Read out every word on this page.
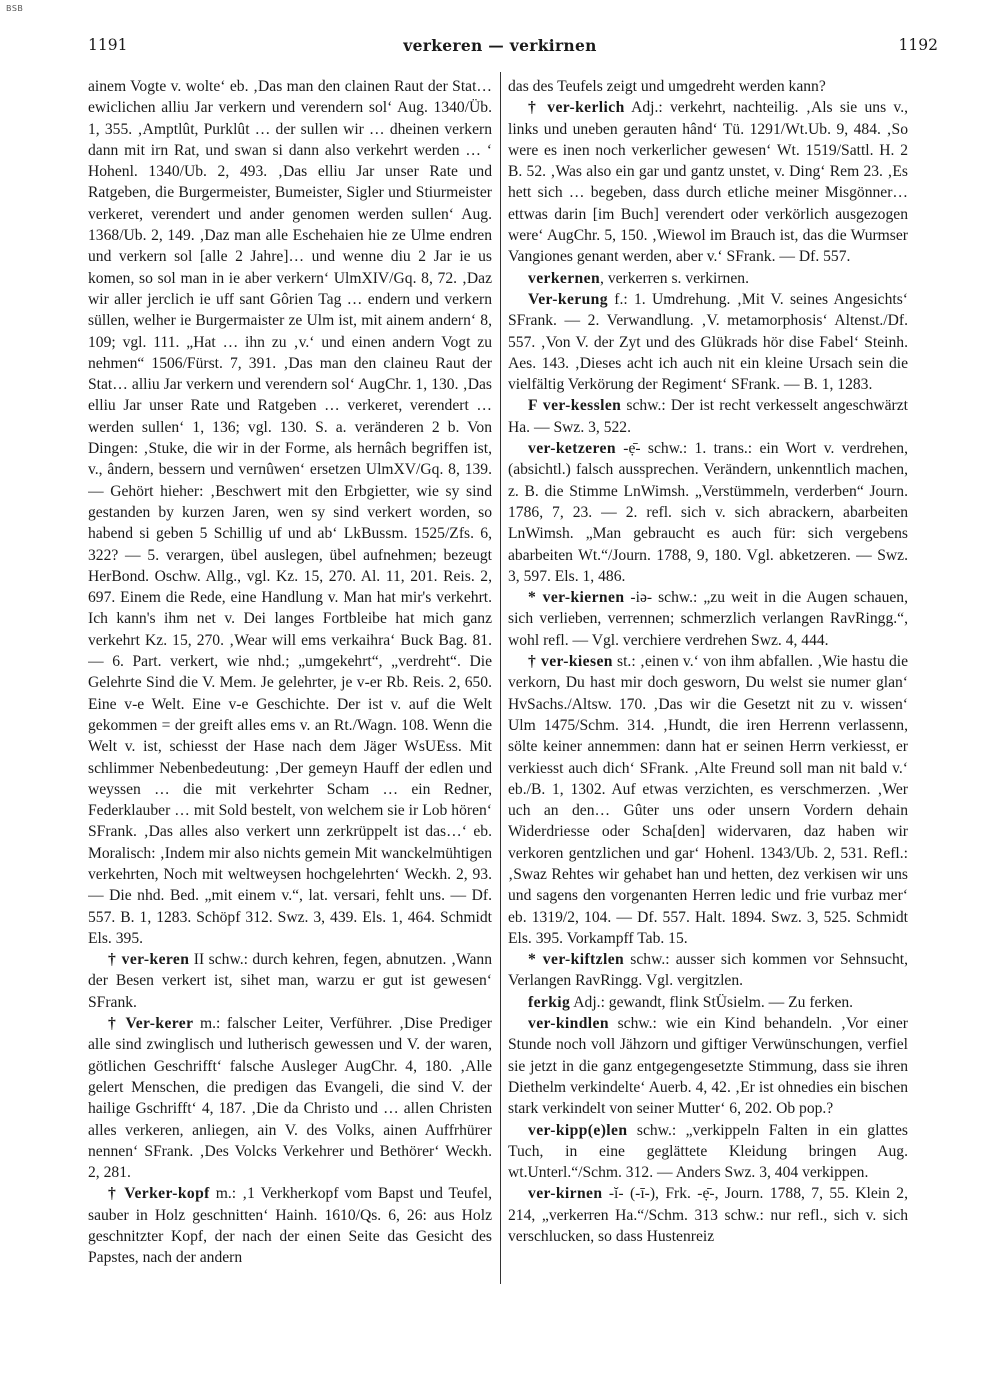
BSB
1191	verkeren — verkirnen	1192

ainem Vogte v. wolte‘ eb. ‚Das man den clainen Raut der Stat… ewiclichen alliu Jar verkern und verendern sol‘ Aug. 1340/Üb. 1, 355. ‚Amptlût, Purklût … der sullen wir … dheinen verkern dann mit irn Rat, und swan si dann also verkehrt werden … ‘ Hohenl. 1340/Ub. 2, 493. ‚Das elliu Jar unser Rate und Ratgeben, die Burgermeister, Bumeister, Sigler und Stiurmeister verkeret, verendert und ander genomen werden sullen‘ Aug. 1368/Ub. 2, 149. ‚Daz man alle Eschehaien hie ze Ulme endren und verkern sol [alle 2 Jahre]… und wenne diu 2 Jar ie us komen, so sol man in ie aber verkern‘ UlmXIV/Gq. 8, 72. ‚Daz wir aller jerclich ie uff sant Gôrien Tag … endern und verkern süllen, welher ie Burgermaister ze Ulm ist, mit ainem andern‘ 8, 109; vgl. 111. „Hat … ihn zu ‚v.‘ und einen andern Vogt zu nehmen“ 1506/Fürst. 7, 391. ‚Das man den claineu Raut der Stat… alliu Jar verkern und verendern sol‘ AugChr. 1, 130. ‚Das elliu Jar unser Rate und Ratgeben … verkeret, verendert … werden sullen‘ 1, 136; vgl. 130. S. a. veränderen 2 b. Von Dingen: ‚Stuke, die wir in der Forme, als hernâch begriffen ist, v., ândern, bessern und vernûwen‘ ersetzen UlmXV/Gq. 8, 139. — Gehört hieher: ‚Beschwert mit den Erbgietter, wie sy sind gestanden by kurzen Jaren, wen sy sind verkert worden, so habend si geben 5 Schillig uf und ab‘ LkBussm. 1525/Zfs. 6, 322? — 5. verargen, übel auslegen, übel aufnehmen; bezeugt HerBond. Oschw. Allg., vgl. Kz. 15, 270. Al. 11, 201. Reis. 2, 697. Einem die Rede, eine Handlung v. Man hat mir's verkehrt. Ich kann's ihm net v. Dei langes Fortbleibe hat mich ganz verkehrt Kz. 15, 270. ‚Wear will ems verkaihra‘ Buck Bag. 81. — 6. Part. verkert, wie nhd.; „umgekehrt“, „verdreht“. Die Gelehrte Sind die V. Mem. Je gelehrter, je v-er Rb. Reis. 2, 650. Eine v-e Welt. Eine v-e Geschichte. Der ist v. auf die Welt gekommen = der greift alles ems v. an Rt./Wagn. 108. Wenn die Welt v. ist, schiesst der Hase nach dem Jäger WsUEss. Mit schlimmer Nebenbedeutung: ‚Der gemeyn Hauff der edlen und weyssen … die mit verkehrter Scham … ein Redner, Federklauber … mit Sold bestelt, von welchem sie ir Lob hören‘ SFrank. ‚Das alles also verkert unn zerkrüppelt ist das…‘ eb. Moralisch: ‚Indem mir also nichts gemein Mit wanckelmühtigen verkehrten, Noch mit weltweysen hochgelehrten‘ Weckh. 2, 93. — Die nhd. Bed. „mit einem v.“, lat. versari, fehlt uns. — Df. 557. B. 1, 1283. Schöpf 312. Swz. 3, 439. Els. 1, 464. Schmidt Els. 395.

† ver-keren II schw.: durch kehren, fegen, abnutzen. ‚Wann der Besen verkert ist, sihet man, warzu er gut ist gewesen‘ SFrank.

† Ver-kerer m.: falscher Leiter, Verführer. ‚Dise Prediger alle sind zwinglisch und lutherisch gewessen und V. der waren, götlichen Geschrifft‘ falsche Ausleger AugChr. 4, 180. ‚Alle gelert Menschen, die predigen das Evangeli, die sind V. der hailige Gschrifft‘ 4, 187. ‚Die da Christo und … allen Christen alles verkeren, anliegen, ain V. des Volks, ainen Auffrhürer nennen‘ SFrank. ‚Des Volcks Verkehrer und Bethörer‘ Weckh. 2, 281.

† Verker-kopf m.: ‚1 Verkherkopf vom Bapst und Teufel, sauber in Holz geschnitten‘ Hainh. 1610/Qs. 6, 26: aus Holz geschnitzter Kopf, der nach der einen Seite das Gesicht des Papstes, nach der andern

das des Teufels zeigt und umgedreht werden kann?

† ver-kerlich Adj.: verkehrt, nachteilig. ‚Als sie uns v., links und uneben gerauten hând‘ Tü. 1291/Wt.Ub. 9, 484. ‚So were es inen noch verkerlicher gewesen‘ Wt. 1519/Sattl. H. 2 B. 52. ‚Was also ein gar und gantz unstet, v. Ding‘ Rem 23. ‚Es hett sich … begeben, dass durch etliche meiner Misgönner… ettwas darin [im Buch] verendert oder verkörlich ausgezogen were‘ AugChr. 5, 150. ‚Wiewol im Brauch ist, das die Wurmser Vangiones genant werden, aber v.‘ SFrank. — Df. 557.

verkernen, verkerren s. verkirnen.

Ver-kerung f.: 1. Umdrehung. ‚Mit V. seines Angesichts‘ SFrank. — 2. Verwandlung. ‚V. metamorphosis‘ Altenst./Df. 557. ‚Von V. der Zyt und des Glükrads hör dise Fabel‘ Steinh. Aes. 143. ‚Dieses acht ich auch nit ein kleine Ursach sein die vielfältig Verkörung der Regiment‘ SFrank. — B. 1, 1283.

F ver-kesslen schw.: Der ist recht verkesselt angeschwärzt Ha. — Swz. 3, 522.

ver-ketzeren -ẹ̄- schw.: 1. trans.: ein Wort v. verdrehen, (absichtl.) falsch aussprechen. Verändern, unkenntlich machen, z. B. die Stimme LnWimsh. „Verstümmeln, verderben“ Journ. 1786, 7, 23. — 2. refl. sich v. sich abrackern, abarbeiten LnWimsh. „Man gebraucht es auch für: sich vergebens abarbeiten Wt.“/Journ. 1788, 9, 180. Vgl. abketzeren. — Swz. 3, 597. Els. 1, 486.

* ver-kiernen -iə- schw.: „zu weit in die Augen schauen, sich verlieben, verrennen; schmerzlich verlangen RavRingg.“, wohl refl. — Vgl. verchiere verdrehen Swz. 4, 444.

† ver-kiesen st.: ‚einen v.‘ von ihm abfallen. ‚Wie hastu die verkorn, Du hast mir doch gesworn, Du welst sie numer glan‘ HvSachs./Altsw. 170. ‚Das wir die Gesetzt nit zu v. wissen‘ Ulm 1475/Schm. 314. ‚Hundt, die iren Herrenn verlassenn, sölte keiner annemmen: dann hat er seinen Herrn verkiesst, er verkiesst auch dich‘ SFrank. ‚Alte Freund soll man nit bald v.‘ eb./B. 1, 1302. Auf etwas verzichten, es verschmerzen. ‚Wer uch an den… Gûter uns oder unsern Vordern dehain Widerdriesse oder Scha[den] widervaren, daz haben wir verkoren gentzlichen und gar‘ Hohenl. 1343/Ub. 2, 531. Refl.: ‚Swaz Rehtes wir gehabet han und hetten, dez verkisen wir uns und sagens den vorgenanten Herren ledic und frie vurbaz mer‘ eb. 1319/2, 104. — Df. 557. Halt. 1894. Swz. 3, 525. Schmidt Els. 395. Vorkampff Tab. 15.

* ver-kiftzlen schw.: ausser sich kommen vor Sehnsucht, Verlangen RavRingg. Vgl. vergitzlen.

ferkig Adj.: gewandt, flink StÜsielm. — Zu ferken.

ver-kindlen schw.: wie ein Kind behandeln. ‚Vor einer Stunde noch voll Jähzorn und giftiger Verwünschungen, verfiel sie jetzt in die ganz entgegengesetzte Stimmung, dass sie ihren Diethelm verkindelte‘ Auerb. 4, 42. ‚Er ist ohnedies ein bischen stark verkindelt von seiner Mutter‘ 6, 202. Ob pop.?

ver-kipp(e)len schw.: „verkippeln Falten in ein glattes Tuch, in eine geglättete Kleidung bringen Aug. wt.Unterl.“/Schm. 312. — Anders Swz. 3, 404 verkippen.

ver-kirnen -ĭ- (-ī-), Frk. -ẹ̄-, Journ. 1788, 7, 55. Klein 2, 214, „verkerren Ha.“/Schm. 313 schw.: nur refl., sich v. sich verschlucken, so dass Hustenreiz
